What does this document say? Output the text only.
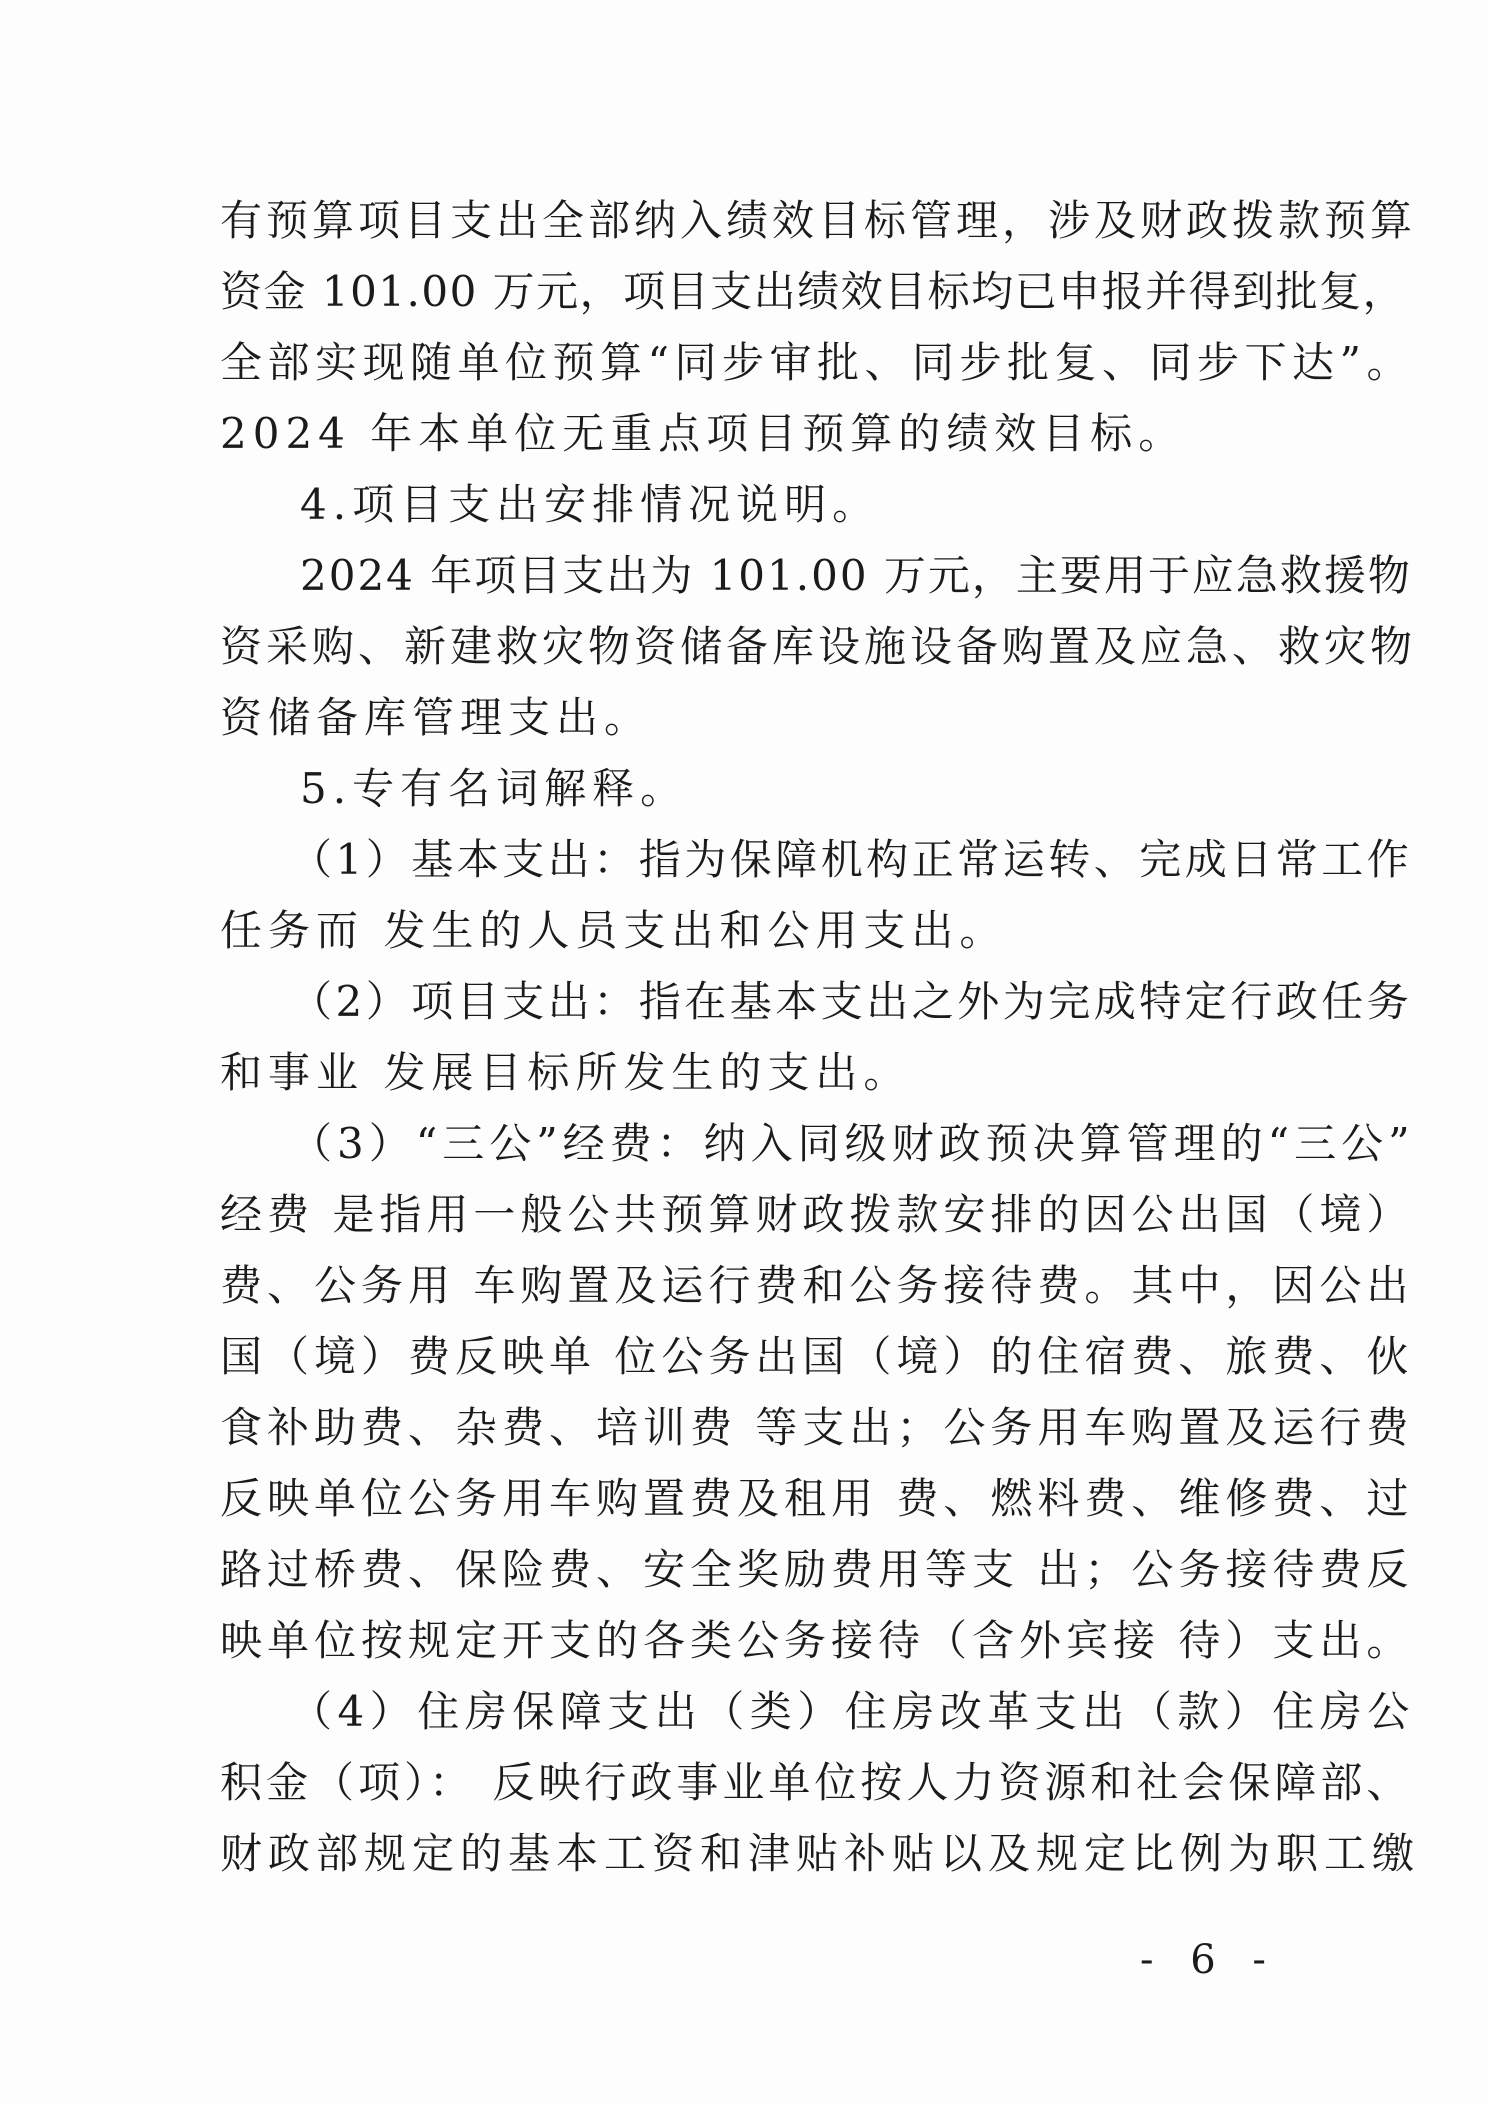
有预算项目支出全部纳入绩效目标管理，涉及财政拨款预算
资金 101.00 万元，项目支出绩效目标均已申报并得到批复，
全部实现随单位预算“同步审批、同步批复、同步下达”。
2024 年本单位无重点项目预算的绩效目标。
4.项目支出安排情况说明。
2024 年项目支出为 101.00 万元，主要用于应急救援物
资采购、新建救灾物资储备库设施设备购置及应急、救灾物
资储备库管理支出。
5.专有名词解释。
（1）基本支出：指为保障机构正常运转、完成日常工作
任务而 发生的人员支出和公用支出。
（2）项目支出：指在基本支出之外为完成特定行政任务
和事业 发展目标所发生的支出。
（3）“三公”经费：纳入同级财政预决算管理的“三公”
经费 是指用一般公共预算财政拨款安排的因公出国（境）
费、公务用 车购置及运行费和公务接待费。其中，因公出
国（境）费反映单 位公务出国（境）的住宿费、旅费、伙
食补助费、杂费、培训费 等支出；公务用车购置及运行费
反映单位公务用车购置费及租用 费、燃料费、维修费、过
路过桥费、保险费、安全奖励费用等支 出；公务接待费反
映单位按规定开支的各类公务接待（含外宾接 待）支出。
（4）住房保障支出（类）住房改革支出（款）住房公
积金（项）： 反映行政事业单位按人力资源和社会保障部、
财政部规定的基本工资和津贴补贴以及规定比例为职工缴
- 6 -
